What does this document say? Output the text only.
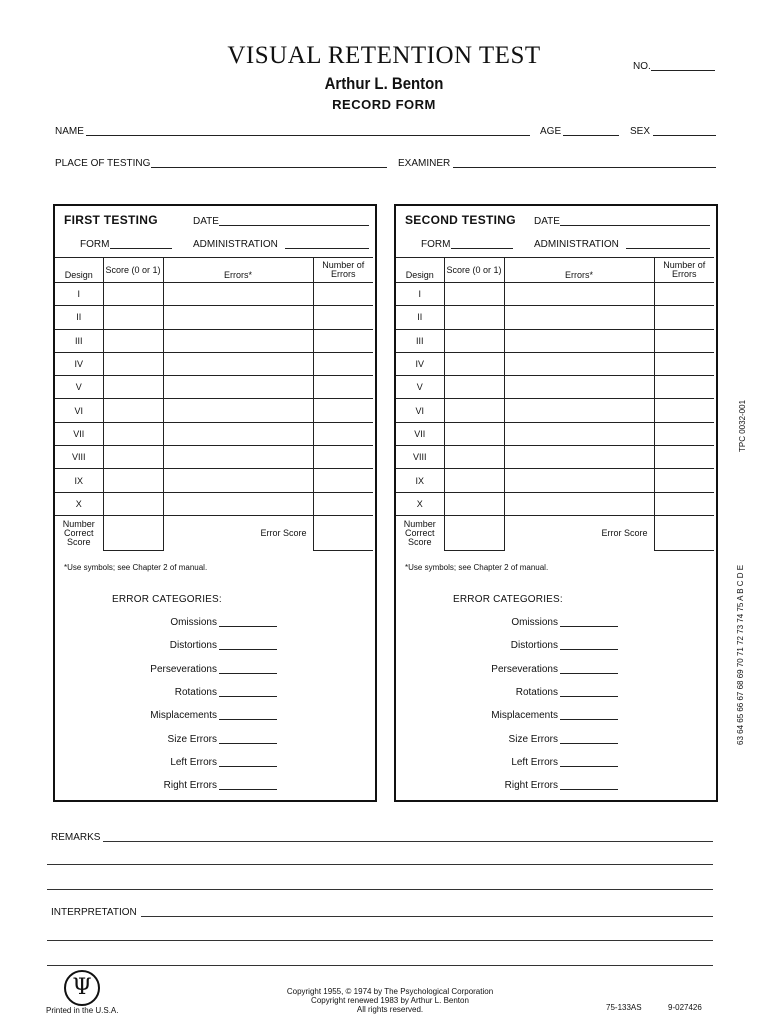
VISUAL RETENTION TEST
Arthur L. Benton
RECORD FORM
NO.
NAME	AGE	SEX
PLACE OF TESTING	EXAMINER
FIRST TESTING	DATE
FORM	ADMINISTRATION
Design	Score (0 or 1)	Errors*	Number of Errors
I			
II			
III			
IV			
V			
VI			
VII			
VIII			
IX			
X			
Number Correct Score		Error Score	
*Use symbols; see Chapter 2 of manual.
ERROR CATEGORIES:
Omissions
Distortions
Perseverations
Rotations
Misplacements
Size Errors
Left Errors
Right Errors
SECOND TESTING DATE
FORM	ADMINISTRATION
Design	Score (0 or 1)	Errors*	Number of Errors
I			
II			
III			
IV			
V			
VI			
VII			
VIII			
IX			
X			
Number Correct Score		Error Score	
*Use symbols; see Chapter 2 of manual.
ERROR CATEGORIES:
Omissions
Distortions
Perseverations
Rotations
Misplacements
Size Errors
Left Errors
Right Errors
REMARKS
INTERPRETATION
Ψ
Printed in the U.S.A.
Copyright 1955, © 1974 by The Psychological Corporation
Copyright renewed 1983 by Arthur L. Benton
All rights reserved.	75-133AS	9-027426
TPC 0032-001
63 64 65 66 67 68 69 70 71 72 73 74 75 A B C D E
